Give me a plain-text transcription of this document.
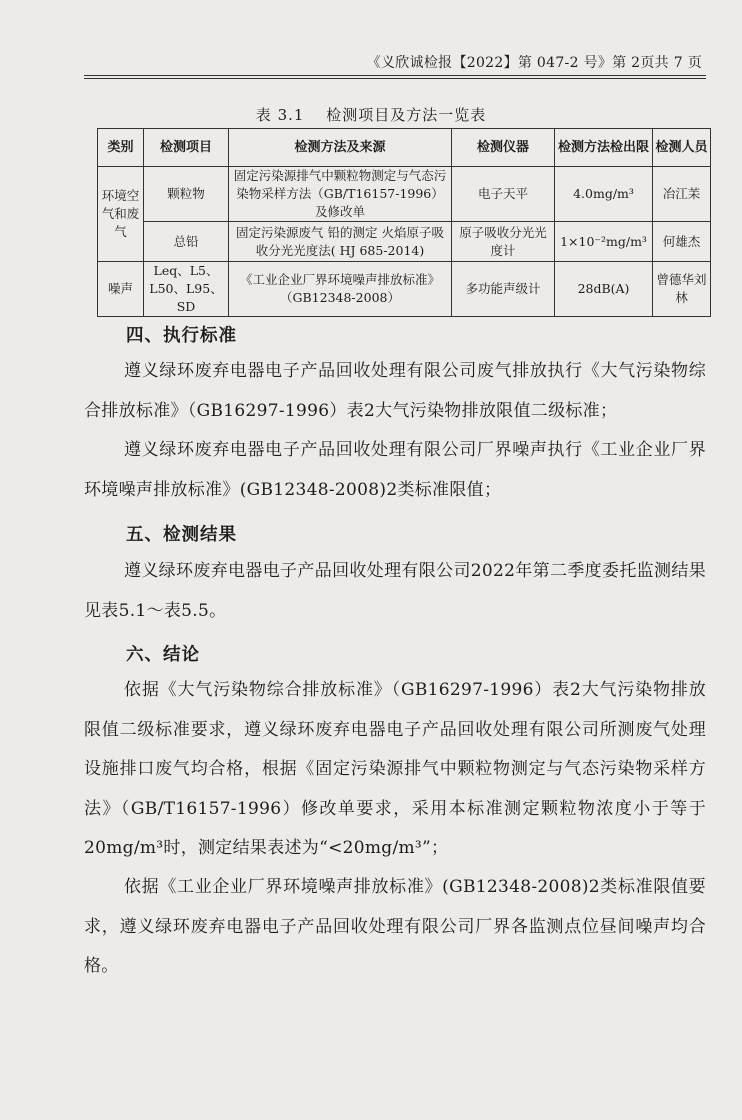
《义欣诚检报【2022】第 047-2 号》第 2页共 7 页
表 3.1　 检测项目及方法一览表
类别	检测项目	检测方法及来源	检测仪器	检测方法检出限	检测人员
环境空气和废气	颗粒物	固定污染源排气中颗粒物测定与气态污染物采样方法（GB/T16157-1996）及修改单	电子天平	4.0mg/m³	冶江苿
	总铅	固定污染源废气 铅的测定 火焰原子吸收分光光度法( HJ 685-2014)	原子吸收分光光度计	1×10⁻²mg/m³	何雄杰
噪声	Leq、L5、L50、L95、SD	《工业企业厂界环境噪声排放标准》（GB12348-2008）	多功能声级计	28dB(A)	曾德华刘林
四、执行标准

遵义绿环废弃电器电子产品回收处理有限公司废气排放执行《大气污染物综合排放标准》（GB16297-1996）表2大气污染物排放限值二级标准；

遵义绿环废弃电器电子产品回收处理有限公司厂界噪声执行《工业企业厂界环境噪声排放标准》(GB12348-2008)2类标准限值；

五、检测结果

遵义绿环废弃电器电子产品回收处理有限公司2022年第二季度委托监测结果见表5.1～表5.5。

六、结论

依据《大气污染物综合排放标准》（GB16297-1996）表2大气污染物排放限值二级标准要求，遵义绿环废弃电器电子产品回收处理有限公司所测废气处理设施排口废气均合格，根据《固定污染源排气中颗粒物测定与气态污染物采样方法》（GB/T16157-1996）修改单要求，采用本标准测定颗粒物浓度小于等于20mg/m³时，测定结果表述为“<20mg/m³”；

依据《工业企业厂界环境噪声排放标准》(GB12348-2008)2类标准限值要求，遵义绿环废弃电器电子产品回收处理有限公司厂界各监测点位昼间噪声均合格。
